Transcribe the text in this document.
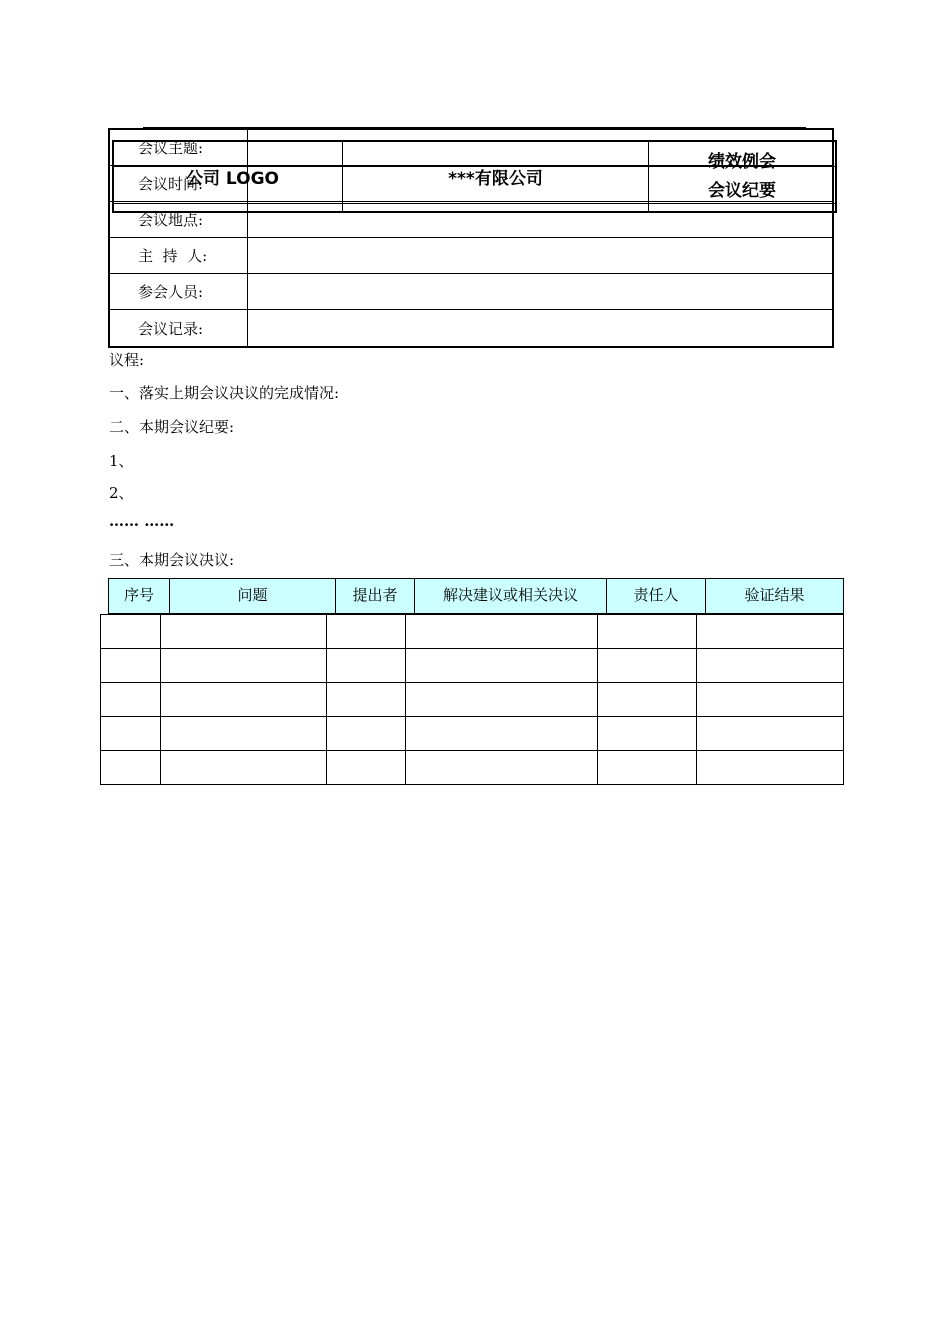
会议主题:
会议时间:
会议地点:
主  持  人:
参会人员:
会议记录:
公司 LOGO	***有限公司
绩效例会
会议纪要
议程:
一、落实上期会议决议的完成情况:
二、本期会议纪要:
1、
2、
…… ……
三、本期会议决议:
序号	问题	提出者	解决建议或相关决议	责任人	验证结果
